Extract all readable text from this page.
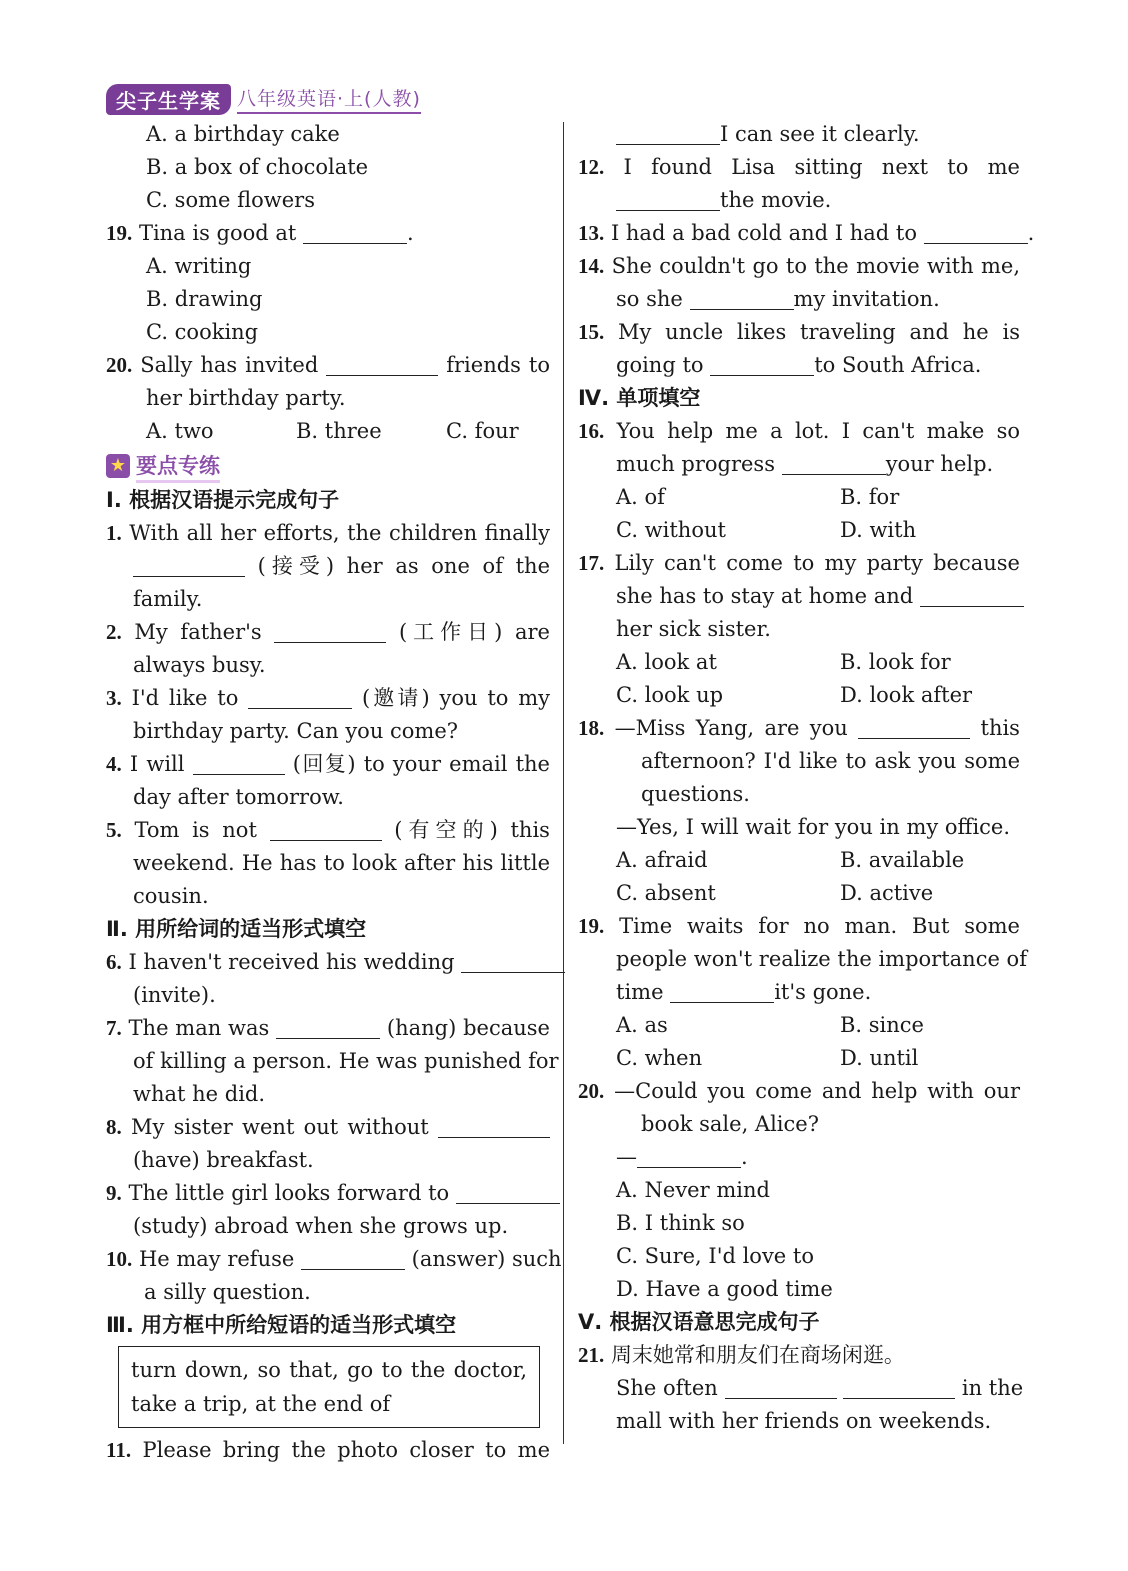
尖子生学案 八年级英语·上(人教)
A. a birthday cake
B. a box of chocolate
C. some flowers
19. Tina is good at	.
A. writing
B. drawing
C. cooking
20. Sally has invited	friends to
her birthday party.
A. two	B. three	C. four
★ 要点专练
Ⅰ. 根据汉语提示完成句子
1. With all her efforts, the children finally
(接受) her as one of the
family.
2. My father's	(工作日) are
always busy.
3. I'd like to	(邀请) you to my
birthday party. Can you come?
4. I will	(回复) to your email the
day after tomorrow.
5. Tom is not	(有空的) this
weekend. He has to look after his little
cousin.
Ⅱ. 用所给词的适当形式填空
6. I haven't received his wedding
(invite).
7. The man was	(hang) because
of killing a person. He was punished for
what he did.
8. My sister went out without
(have) breakfast.
9. The little girl looks forward to
(study) abroad when she grows up.
10. He may refuse	(answer) such
a silly question.
Ⅲ. 用方框中所给短语的适当形式填空
turn down, so that, go to the doctor,
take a trip, at the end of
11. Please bring the photo closer to me
I can see it clearly.
12. I found Lisa sitting next to me
the movie.
13. I had a bad cold and I had to	.
14. She couldn't go to the movie with me,
so she	my invitation.
15. My uncle likes traveling and he is
going to	to South Africa.
Ⅳ. 单项填空
16. You help me a lot. I can't make so
much progress	your help.
A. of	B. for
C. without	D. with
17. Lily can't come to my party because
she has to stay at home and
her sick sister.
A. look at	B. look for
C. look up	D. look after
18. —Miss Yang, are you	this
afternoon? I'd like to ask you some
questions.
—Yes, I will wait for you in my office.
A. afraid	B. available
C. absent	D. active
19. Time waits for no man. But some
people won't realize the importance of
time	it's gone.
A. as	B. since
C. when	D. until
20. —Could you come and help with our
book sale, Alice?
—	.
A. Never mind
B. I think so
C. Sure, I'd love to
D. Have a good time
Ⅴ. 根据汉语意思完成句子
21. 周末她常和朋友们在商场闲逛。
She often	in the
mall with her friends on weekends.
